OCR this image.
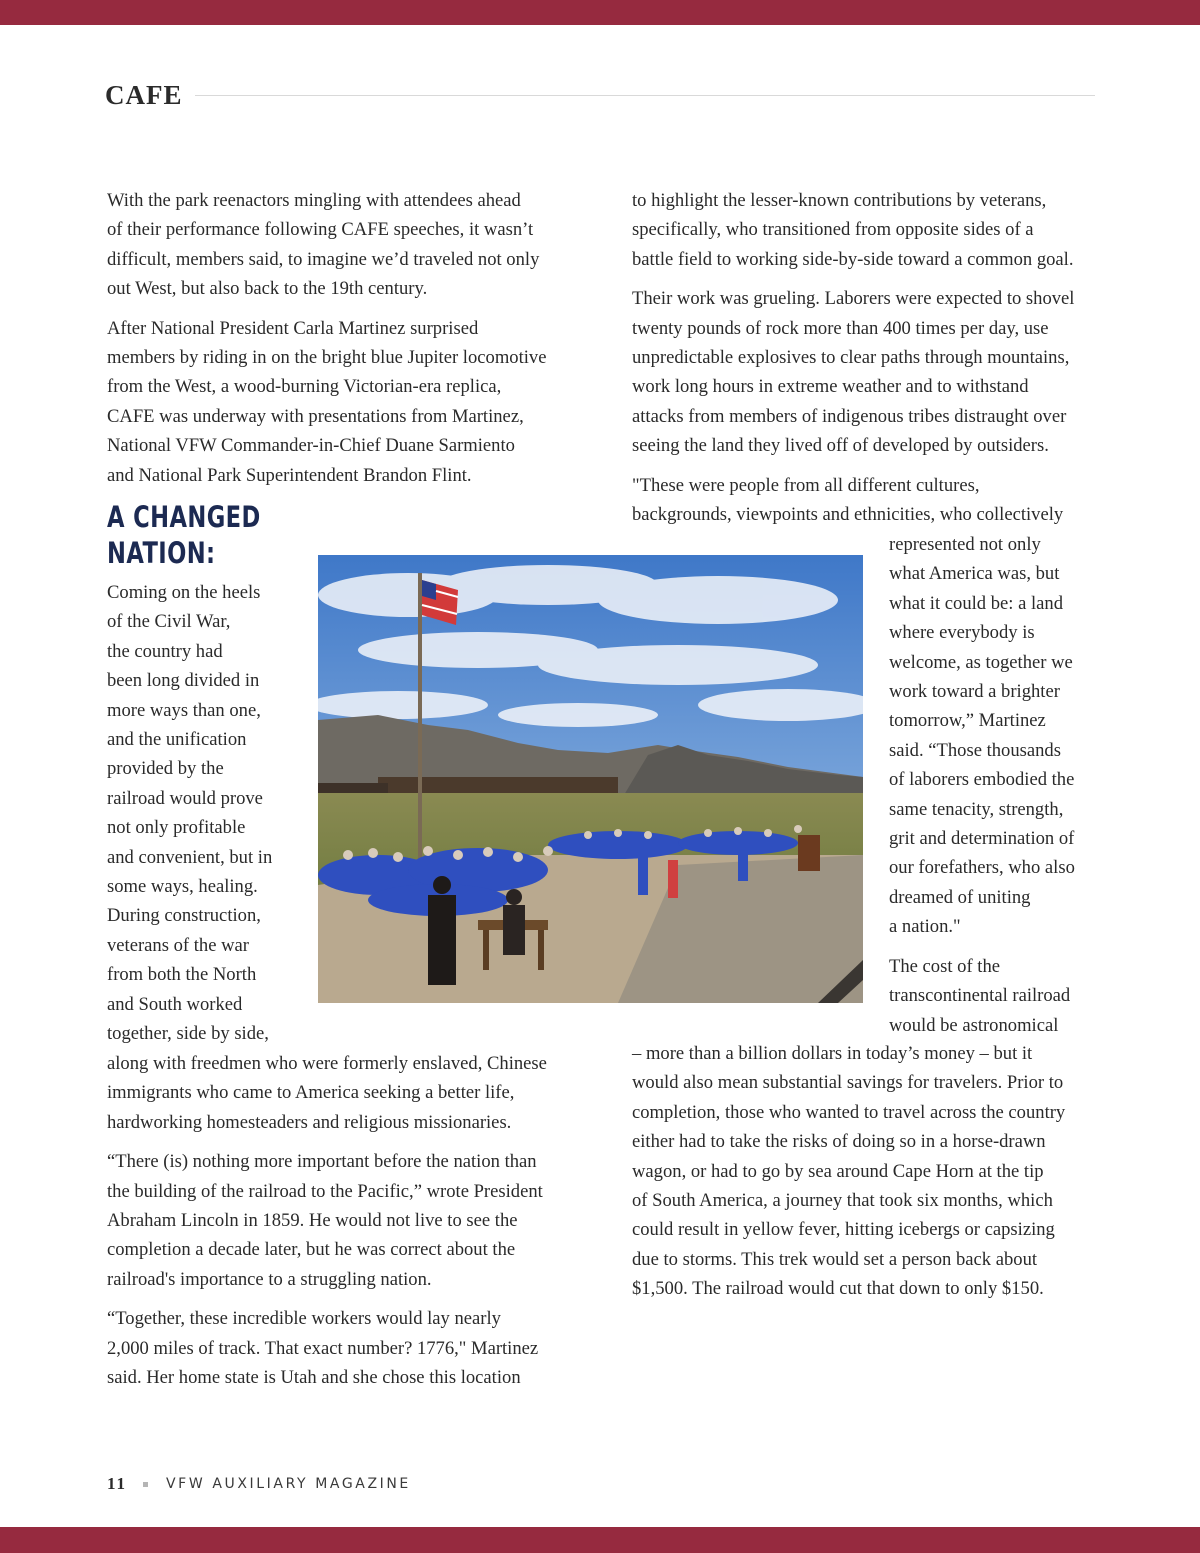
CAFE

With the park reenactors mingling with attendees ahead
of their performance following CAFE speeches, it wasn’t
difficult, members said, to imagine we’d traveled not only
out West, but also back to the 19th century.

After National President Carla Martinez surprised
members by riding in on the bright blue Jupiter locomotive
from the West, a wood-burning Victorian-era replica,
CAFE was underway with presentations from Martinez,
National VFW Commander-in-Chief Duane Sarmiento
and National Park Superintendent Brandon Flint.

A CHANGED
NATION:
Coming on the heels
of the Civil War,
the country had
been long divided in
more ways than one,
and the unification
provided by the
railroad would prove
not only profitable
and convenient, but in
some ways, healing.
During construction,
veterans of the war
from both the North
and South worked
together, side by side,

along with freedmen who were formerly enslaved, Chinese
immigrants who came to America seeking a better life,
hardworking homesteaders and religious missionaries.

“There (is) nothing more important before the nation than
the building of the railroad to the Pacific,” wrote President
Abraham Lincoln in 1859. He would not live to see the
completion a decade later, but he was correct about the
railroad's importance to a struggling nation.

“Together, these incredible workers would lay nearly
2,000 miles of track. That exact number? 1776," Martinez
said. Her home state is Utah and she chose this location

to highlight the lesser-known contributions by veterans,
specifically, who transitioned from opposite sides of a
battle field to working side-by-side toward a common goal.

Their work was grueling. Laborers were expected to shovel
twenty pounds of rock more than 400 times per day, use
unpredictable explosives to clear paths through mountains,
work long hours in extreme weather and to withstand
attacks from members of indigenous tribes distraught over
seeing the land they lived off of developed by outsiders.

"These were people from all different cultures,
backgrounds, viewpoints and ethnicities, who collectively

represented not only
what America was, but
what it could be: a land
where everybody is
welcome, as together we
work toward a brighter
tomorrow,” Martinez
said. “Those thousands
of laborers embodied the
same tenacity, strength,
grit and determination of
our forefathers, who also
dreamed of uniting
a nation."

The cost of the
transcontinental railroad
would be astronomical

– more than a billion dollars in today’s money – but it
would also mean substantial savings for travelers. Prior to
completion, those who wanted to travel across the country
either had to take the risks of doing so in a horse-drawn
wagon, or had to go by sea around Cape Horn at the tip
of South America, a journey that took six months, which
could result in yellow fever, hitting icebergs or capsizing
due to storms. This trek would set a person back about
$1,500. The railroad would cut that down to only $150.
11	VFW AUXILIARY MAGAZINE
